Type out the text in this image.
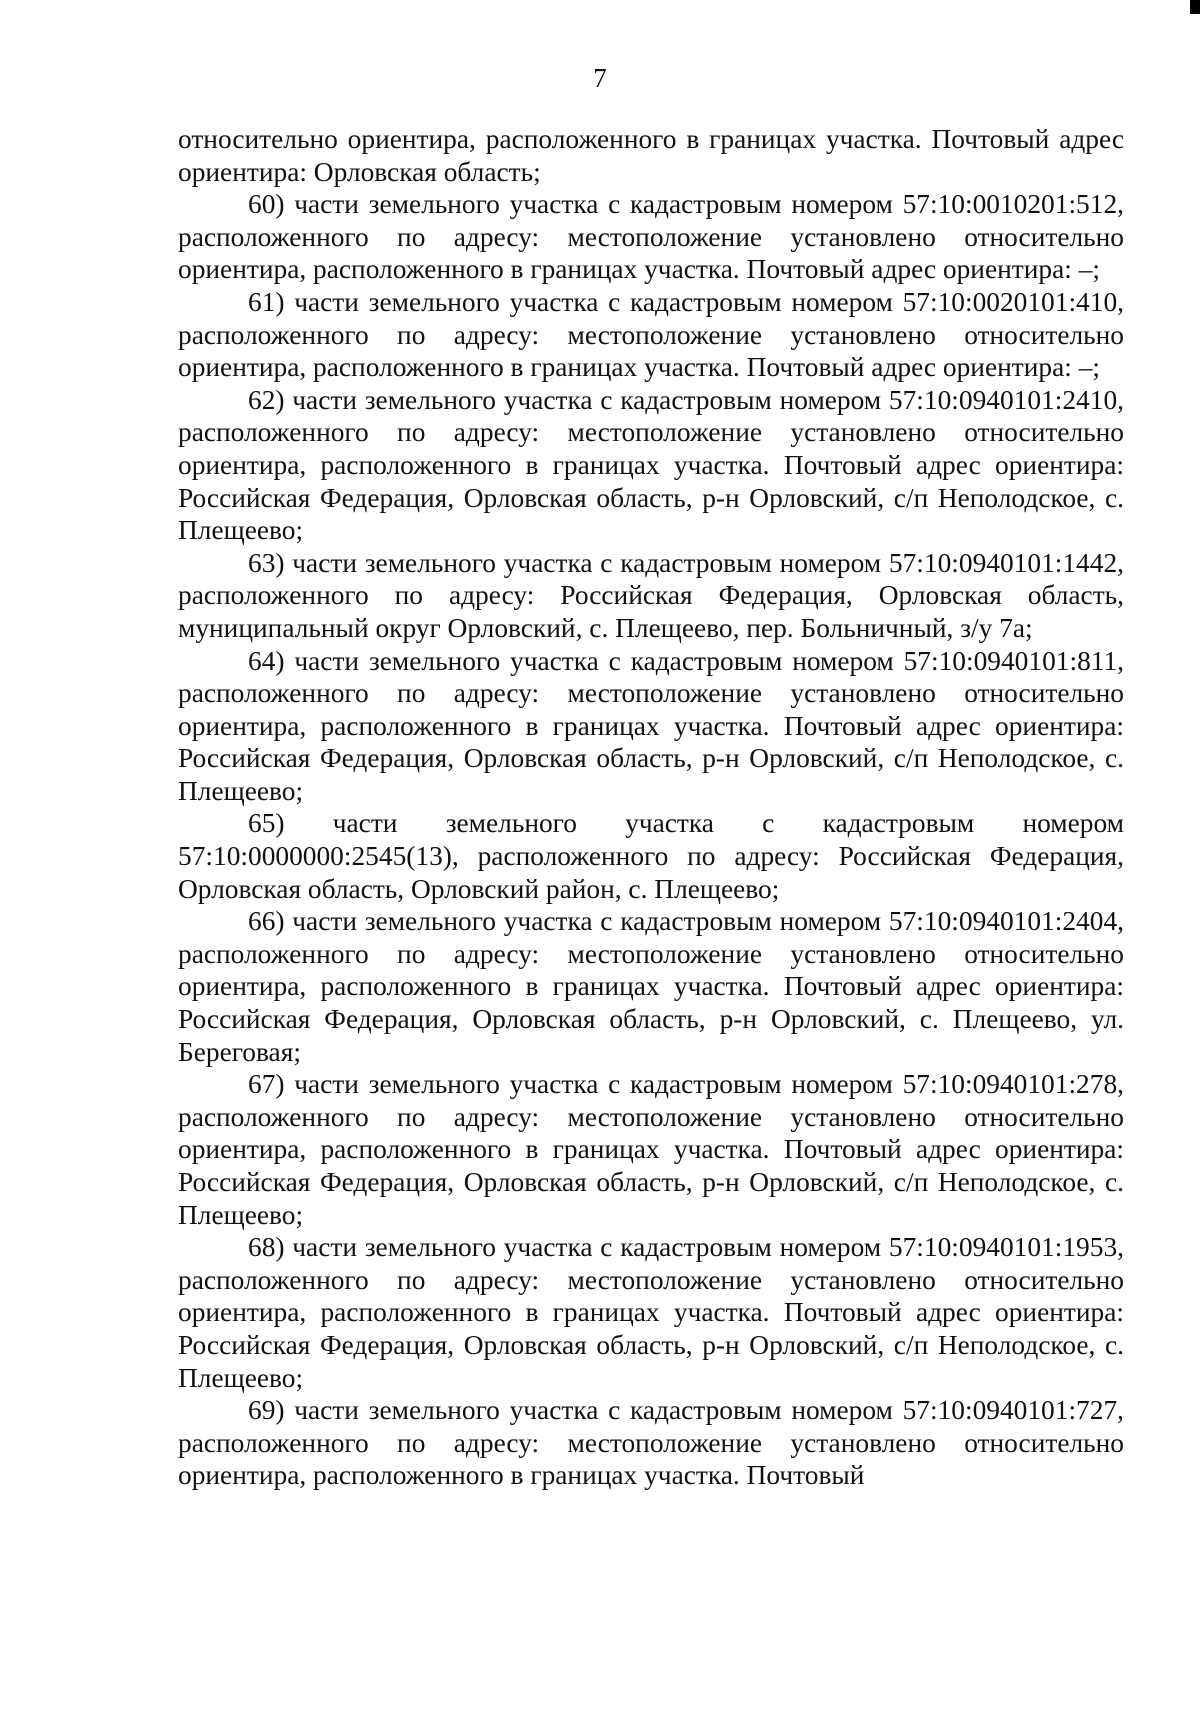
7

относительно ориентира, расположенного в границах участка. Почтовый адрес ориентира: Орловская область;

60) части земельного участка с кадастровым номером 57:10:0010201:512, расположенного по адресу: местоположение установлено относительно ориентира, расположенного в границах участка. Почтовый адрес ориентира: –;

61) части земельного участка с кадастровым номером 57:10:0020101:410, расположенного по адресу: местоположение установлено относительно ориентира, расположенного в границах участка. Почтовый адрес ориентира: –;

62) части земельного участка с кадастровым номером 57:10:0940101:2410, расположенного по адресу: местоположение установлено относительно ориентира, расположенного в границах участка. Почтовый адрес ориентира: Российская Федерация, Орловская область, р-н Орловский, с/п Неполодское, с. Плещеево;

63) части земельного участка с кадастровым номером 57:10:0940101:1442, расположенного по адресу: Российская Федерация, Орловская область, муниципальный округ Орловский, с. Плещеево, пер. Больничный, з/у 7а;

64) части земельного участка с кадастровым номером 57:10:0940101:811, расположенного по адресу: местоположение установлено относительно ориентира, расположенного в границах участка. Почтовый адрес ориентира: Российская Федерация, Орловская область, р-н Орловский, с/п Неполодское, с. Плещеево;

65) части земельного участка с кадастровым номером 57:10:0000000:2545(13), расположенного по адресу: Российская Федерация, Орловская область, Орловский район, с. Плещеево;

66) части земельного участка с кадастровым номером 57:10:0940101:2404, расположенного по адресу: местоположение установлено относительно ориентира, расположенного в границах участка. Почтовый адрес ориентира: Российская Федерация, Орловская область, р-н Орловский, с. Плещеево, ул. Береговая;

67) части земельного участка с кадастровым номером 57:10:0940101:278, расположенного по адресу: местоположение установлено относительно ориентира, расположенного в границах участка. Почтовый адрес ориентира: Российская Федерация, Орловская область, р-н Орловский, с/п Неполодское, с. Плещеево;

68) части земельного участка с кадастровым номером 57:10:0940101:1953, расположенного по адресу: местоположение установлено относительно ориентира, расположенного в границах участка. Почтовый адрес ориентира: Российская Федерация, Орловская область, р-н Орловский, с/п Неполодское, с. Плещеево;

69) части земельного участка с кадастровым номером 57:10:0940101:727, расположенного по адресу: местоположение установлено относительно ориентира, расположенного в границах участка. Почтовый
